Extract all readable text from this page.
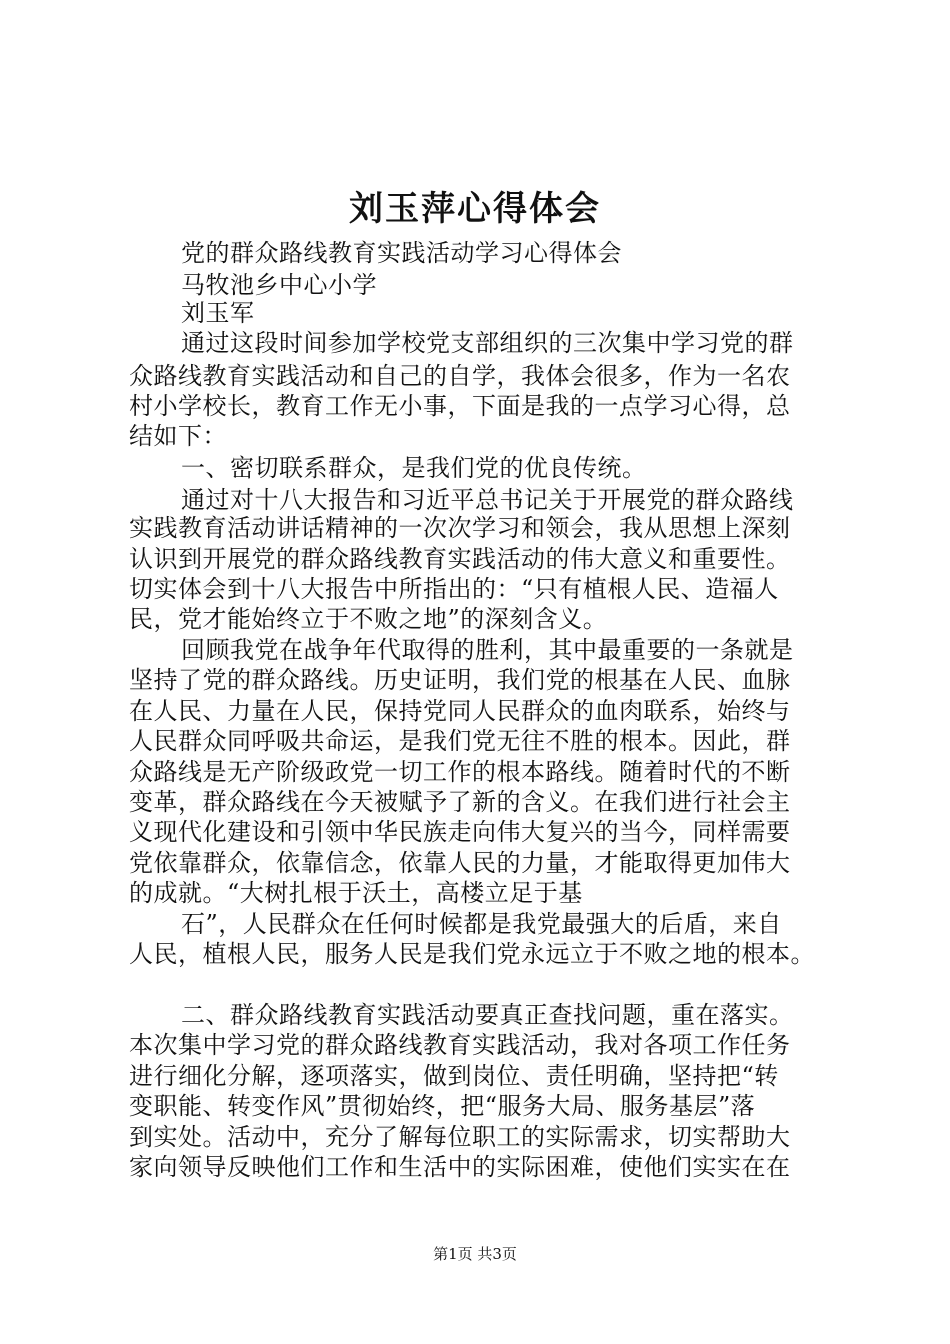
刘玉萍心得体会
党的群众路线教育实践活动学习心得体会
马牧池乡中心小学
刘玉军
通过这段时间参加学校党支部组织的三次集中学习党的群
众路线教育实践活动和自己的自学，我体会很多，作为一名农
村小学校长，教育工作无小事，下面是我的一点学习心得，总
结如下：
一、密切联系群众，是我们党的优良传统。
通过对十八大报告和习近平总书记关于开展党的群众路线
实践教育活动讲话精神的一次次学习和领会，我从思想上深刻
认识到开展党的群众路线教育实践活动的伟大意义和重要性。
切实体会到十八大报告中所指出的：“只有植根人民、造福人
民，党才能始终立于不败之地”的深刻含义。
回顾我党在战争年代取得的胜利，其中最重要的一条就是
坚持了党的群众路线。历史证明，我们党的根基在人民、血脉
在人民、力量在人民，保持党同人民群众的血肉联系，始终与
人民群众同呼吸共命运，是我们党无往不胜的根本。因此，群
众路线是无产阶级政党一切工作的根本路线。随着时代的不断
变革，群众路线在今天被赋予了新的含义。在我们进行社会主
义现代化建设和引领中华民族走向伟大复兴的当今，同样需要
党依靠群众，依靠信念，依靠人民的力量，才能取得更加伟大
的成就。“大树扎根于沃土，高楼立足于基
石”，人民群众在任何时候都是我党最强大的后盾，来自
人民，植根人民，服务人民是我们党永远立于不败之地的根本。
二、群众路线教育实践活动要真正查找问题，重在落实。
本次集中学习党的群众路线教育实践活动，我对各项工作任务
进行细化分解，逐项落实，做到岗位、责任明确，坚持把“转
变职能、转变作风”贯彻始终，把“服务大局、服务基层”落
到实处。活动中，充分了解每位职工的实际需求，切实帮助大
家向领导反映他们工作和生活中的实际困难，使他们实实在在
第1页 共3页
